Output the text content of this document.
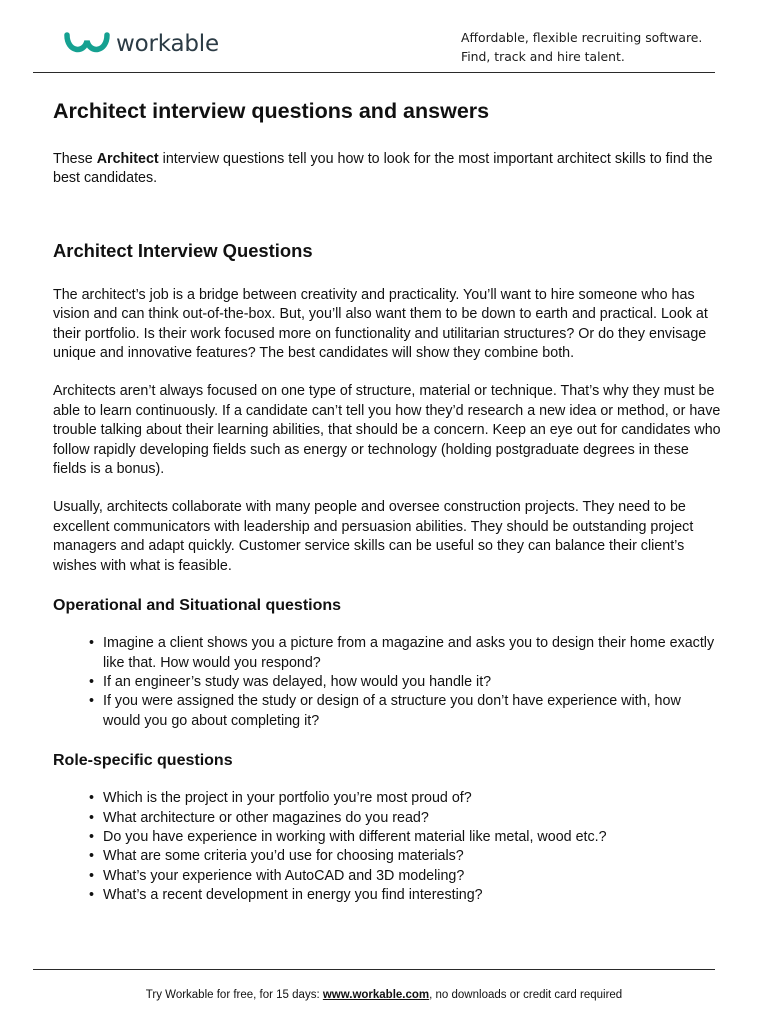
workable	Affordable, flexible recruiting software.
Find, track and hire talent.
Architect interview questions and answers

These Architect interview questions tell you how to look for the most important architect skills to find the best candidates.

Architect Interview Questions

The architect’s job is a bridge between creativity and practicality. You’ll want to hire someone who has vision and can think out-of-the-box. But, you’ll also want them to be down to earth and practical. Look at their portfolio. Is their work focused more on functionality and utilitarian structures? Or do they envisage unique and innovative features? The best candidates will show they combine both.

Architects aren’t always focused on one type of structure, material or technique. That’s why they must be able to learn continuously. If a candidate can’t tell you how they’d research a new idea or method, or have trouble talking about their learning abilities, that should be a concern. Keep an eye out for candidates who follow rapidly developing fields such as energy or technology (holding postgraduate degrees in these fields is a bonus).

Usually, architects collaborate with many people and oversee construction projects. They need to be excellent communicators with leadership and persuasion abilities. They should be outstanding project managers and adapt quickly. Customer service skills can be useful so they can balance their client’s wishes with what is feasible.

Operational and Situational questions
• Imagine a client shows you a picture from a magazine and asks you to design their home exactly like that. How would you respond?
• If an engineer’s study was delayed, how would you handle it?
• If you were assigned the study or design of a structure you don’t have experience with, how would you go about completing it?
Role-specific questions
• Which is the project in your portfolio you’re most proud of?
• What architecture or other magazines do you read?
• Do you have experience in working with different material like metal, wood etc.?
• What are some criteria you’d use for choosing materials?
• What’s your experience with AutoCAD and 3D modeling?
• What’s a recent development in energy you find interesting?
Try Workable for free, for 15 days: www.workable.com, no downloads or credit card required
